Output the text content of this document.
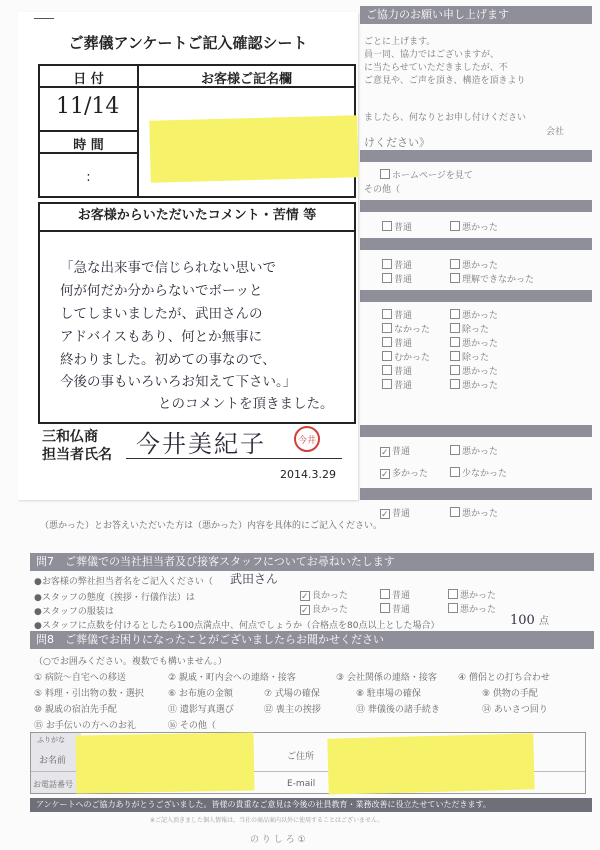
ご協力のお願い申し上げます
ごとに上げます。
員一同、協力ではございますが、
に当たらせていただきましたが、不
ご意見や、ご声を頂き、構造を頂きより
ましたら、何なりとお申し付けください
会社
けください》
ホームページを見て
その他（
普通	悪かった
普通	悪かった
普通	理解できなかった
普通	悪かった
なかった	除った
普通	悪かった
むかった	除った
普通	悪かった
普通	悪かった
✓ 普通	悪かった
✓ 多かった	少なかった
✓ 普通	悪かった
ご葬儀アンケートご記入確認シート
日 付	お客様ご記名欄
11/14
時 間
:
お客様からいただいたコメント・苦情 等
「急な出来事で信じられない思いで
何が何だか分からないでボーッと
してしまいましたが、武田さんの
アドバイスもあり、何とか無事に
終わりました。初めての事なので、
今後の事もいろいろお知えて下さい。」
とのコメントを頂きました。
三和仏商
担当者氏名 今井美紀子	今井
2014.3.29
（悪かった）とお答えいただいた方は（悪かった）内容を具体的にご記入ください。
問7　ご葬儀での当社担当者及び接客スタッフについてお尋ねいたします
●お客様の弊社担当者名をご記入ください（ 武田さん
●スタッフの態度（挨拶・行儀作法）は	✓ 良かった	普通	悪かった
●スタッフの服装は	✓ 良かった	普通	悪かった
●スタッフに点数を付けるとしたら100点満点中、何点でしょうか（合格点を80点以上とした場合）	100 点
問8　ご葬儀でお困りになったことがございましたらお聞かせください
（○でお囲みください。複数でも構いません。）
① 病院〜自宅への移送	② 親戚・町内会への連絡・接客	③ 会社関係の連絡・接客 ④ 僧侶との打ち合わせ
⑤ 料理・引出物の数・選択	⑥ お布施の金額	⑦ 式場の確保	⑧ 駐車場の確保	⑨ 供物の手配
⑩ 親戚の宿泊先手配	⑪ 遺影写真選び	⑫ 喪主の挨拶	⑬ 葬儀後の諸手続き	⑭ あいさつ回り
⑮ お手伝いの方へのお礼	⑯ その他（
ふりがな
お名前
お電話番号
ご住所
E-mail
アンケートへのご協力ありがとうございました。皆様の貴重なご意見は今後の社員教育・業務改善に役立たせていただきます。
※ご記入頂きました個人情報は、当社の商品案内以外に使用することはございません。
の り し ろ ①
